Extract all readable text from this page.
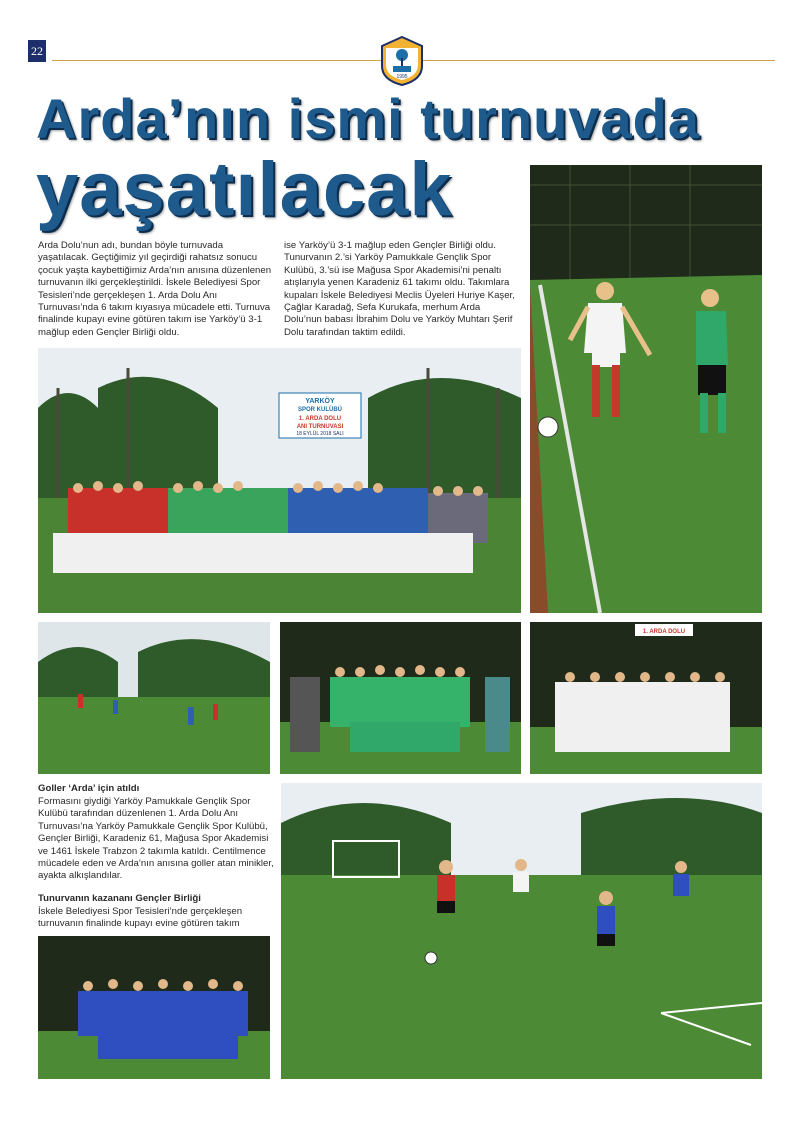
22
1995
Arda’nın ismi turnuvada
yaşatılacak
Arda Dolu’nun adı, bundan böyle turnuvada yaşatılacak. Geçtiğimiz yıl geçirdiği rahatsız sonucu çocuk yaşta kaybettiğimiz Arda’nın anısına düzenlenen turnuvanın ilki gerçekleştirildi. İskele Belediyesi Spor Tesisleri’nde gerçekleşen 1. Arda Dolu Anı Turnuvası’nda 6 takım kıyasıya mücadele etti. Turnuva finalinde kupayı evine götüren takım ise Yarköy’ü 3-1 mağlup eden Gençler Birliği oldu.
ise Yarköy’ü 3-1 mağlup eden Gençler Birliği oldu. Tunurvanın 2.’si Yarköy Pamukkale Gençlik Spor Kulübü, 3.’sü ise Mağusa Spor Akademisi’ni penaltı atışlarıyla yenen Karadeniz 61 takımı oldu. Takımlara kupaları İskele Belediyesi Meclis Üyeleri Huriye Kaşer, Çağlar Karadağ, Sefa Kurukafa, merhum Arda Dolu’nun babası İbrahim Dolu ve Yarköy Muhtarı Şerif Dolu tarafından taktim edildi.
YARKÖY
SPOR KULÜBÜ
1. ARDA DOLU
ANI TURNUVASI
18 EYLÜL 2018 SALI
1. ARDA DOLU
Goller ‘Arda’ için atıldı
Formasını giydiği Yarköy Pamukkale Gençlik Spor Kulübü tarafından düzenlenen 1. Arda Dolu Anı Turnuvası’na Yarköy Pamukkale Gençlik Spor Kulübü, Gençler Birliği, Karadeniz 61, Mağusa Spor Akademisi ve 1461 İskele Trabzon 2 takımla katıldı. Centilmence mücadele eden ve Arda’nın anısına goller atan minikler, ayakta alkışlandılar.
Tunurvanın kazananı Gençler Birliği
İskele Belediyesi Spor Tesisleri’nde gerçekleşen turnuvanın finalinde kupayı evine götüren takım
